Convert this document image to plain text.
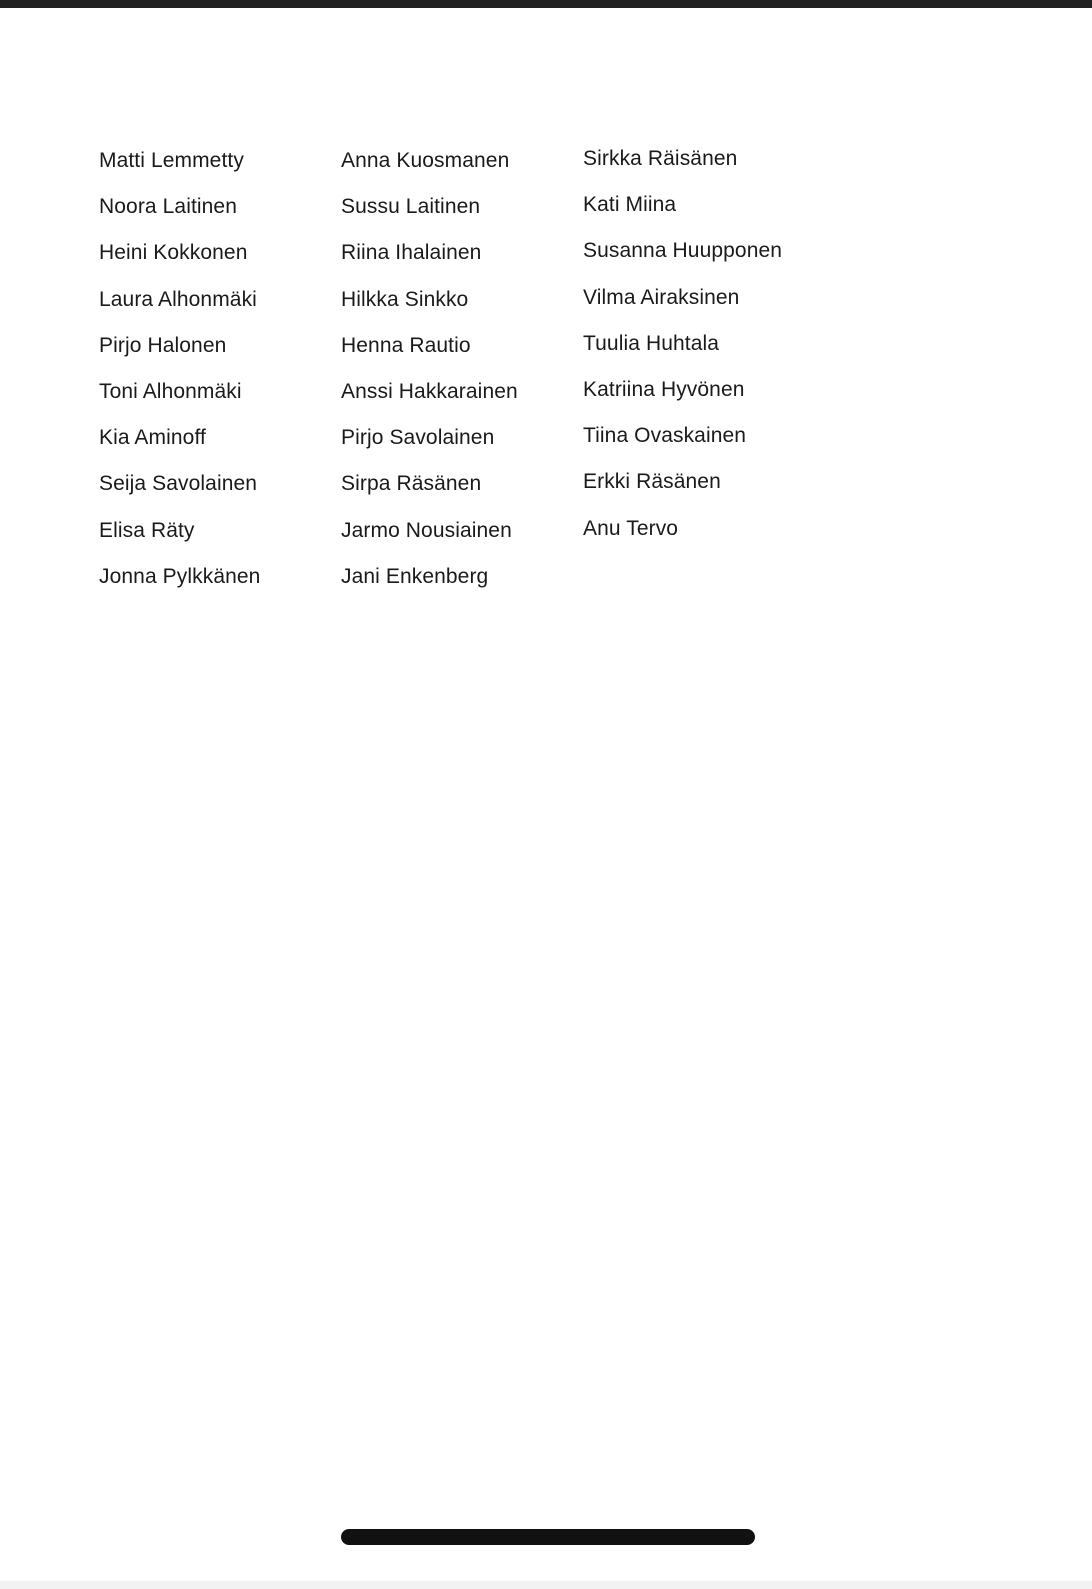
Matti Lemmetty
Noora Laitinen
Heini Kokkonen
Laura Alhonmäki
Pirjo Halonen
Toni Alhonmäki
Kia Aminoff
Seija Savolainen
Elisa Räty
Jonna Pylkkänen
Anna Kuosmanen
Sussu Laitinen
Riina Ihalainen
Hilkka Sinkko
Henna Rautio
Anssi Hakkarainen
Pirjo Savolainen
Sirpa Räsänen
Jarmo Nousiainen
Jani Enkenberg
Sirkka Räisänen
Kati Miina
Susanna Huupponen
Vilma Airaksinen
Tuulia Huhtala
Katriina Hyvönen
Tiina Ovaskainen
Erkki Räsänen
Anu Tervo
